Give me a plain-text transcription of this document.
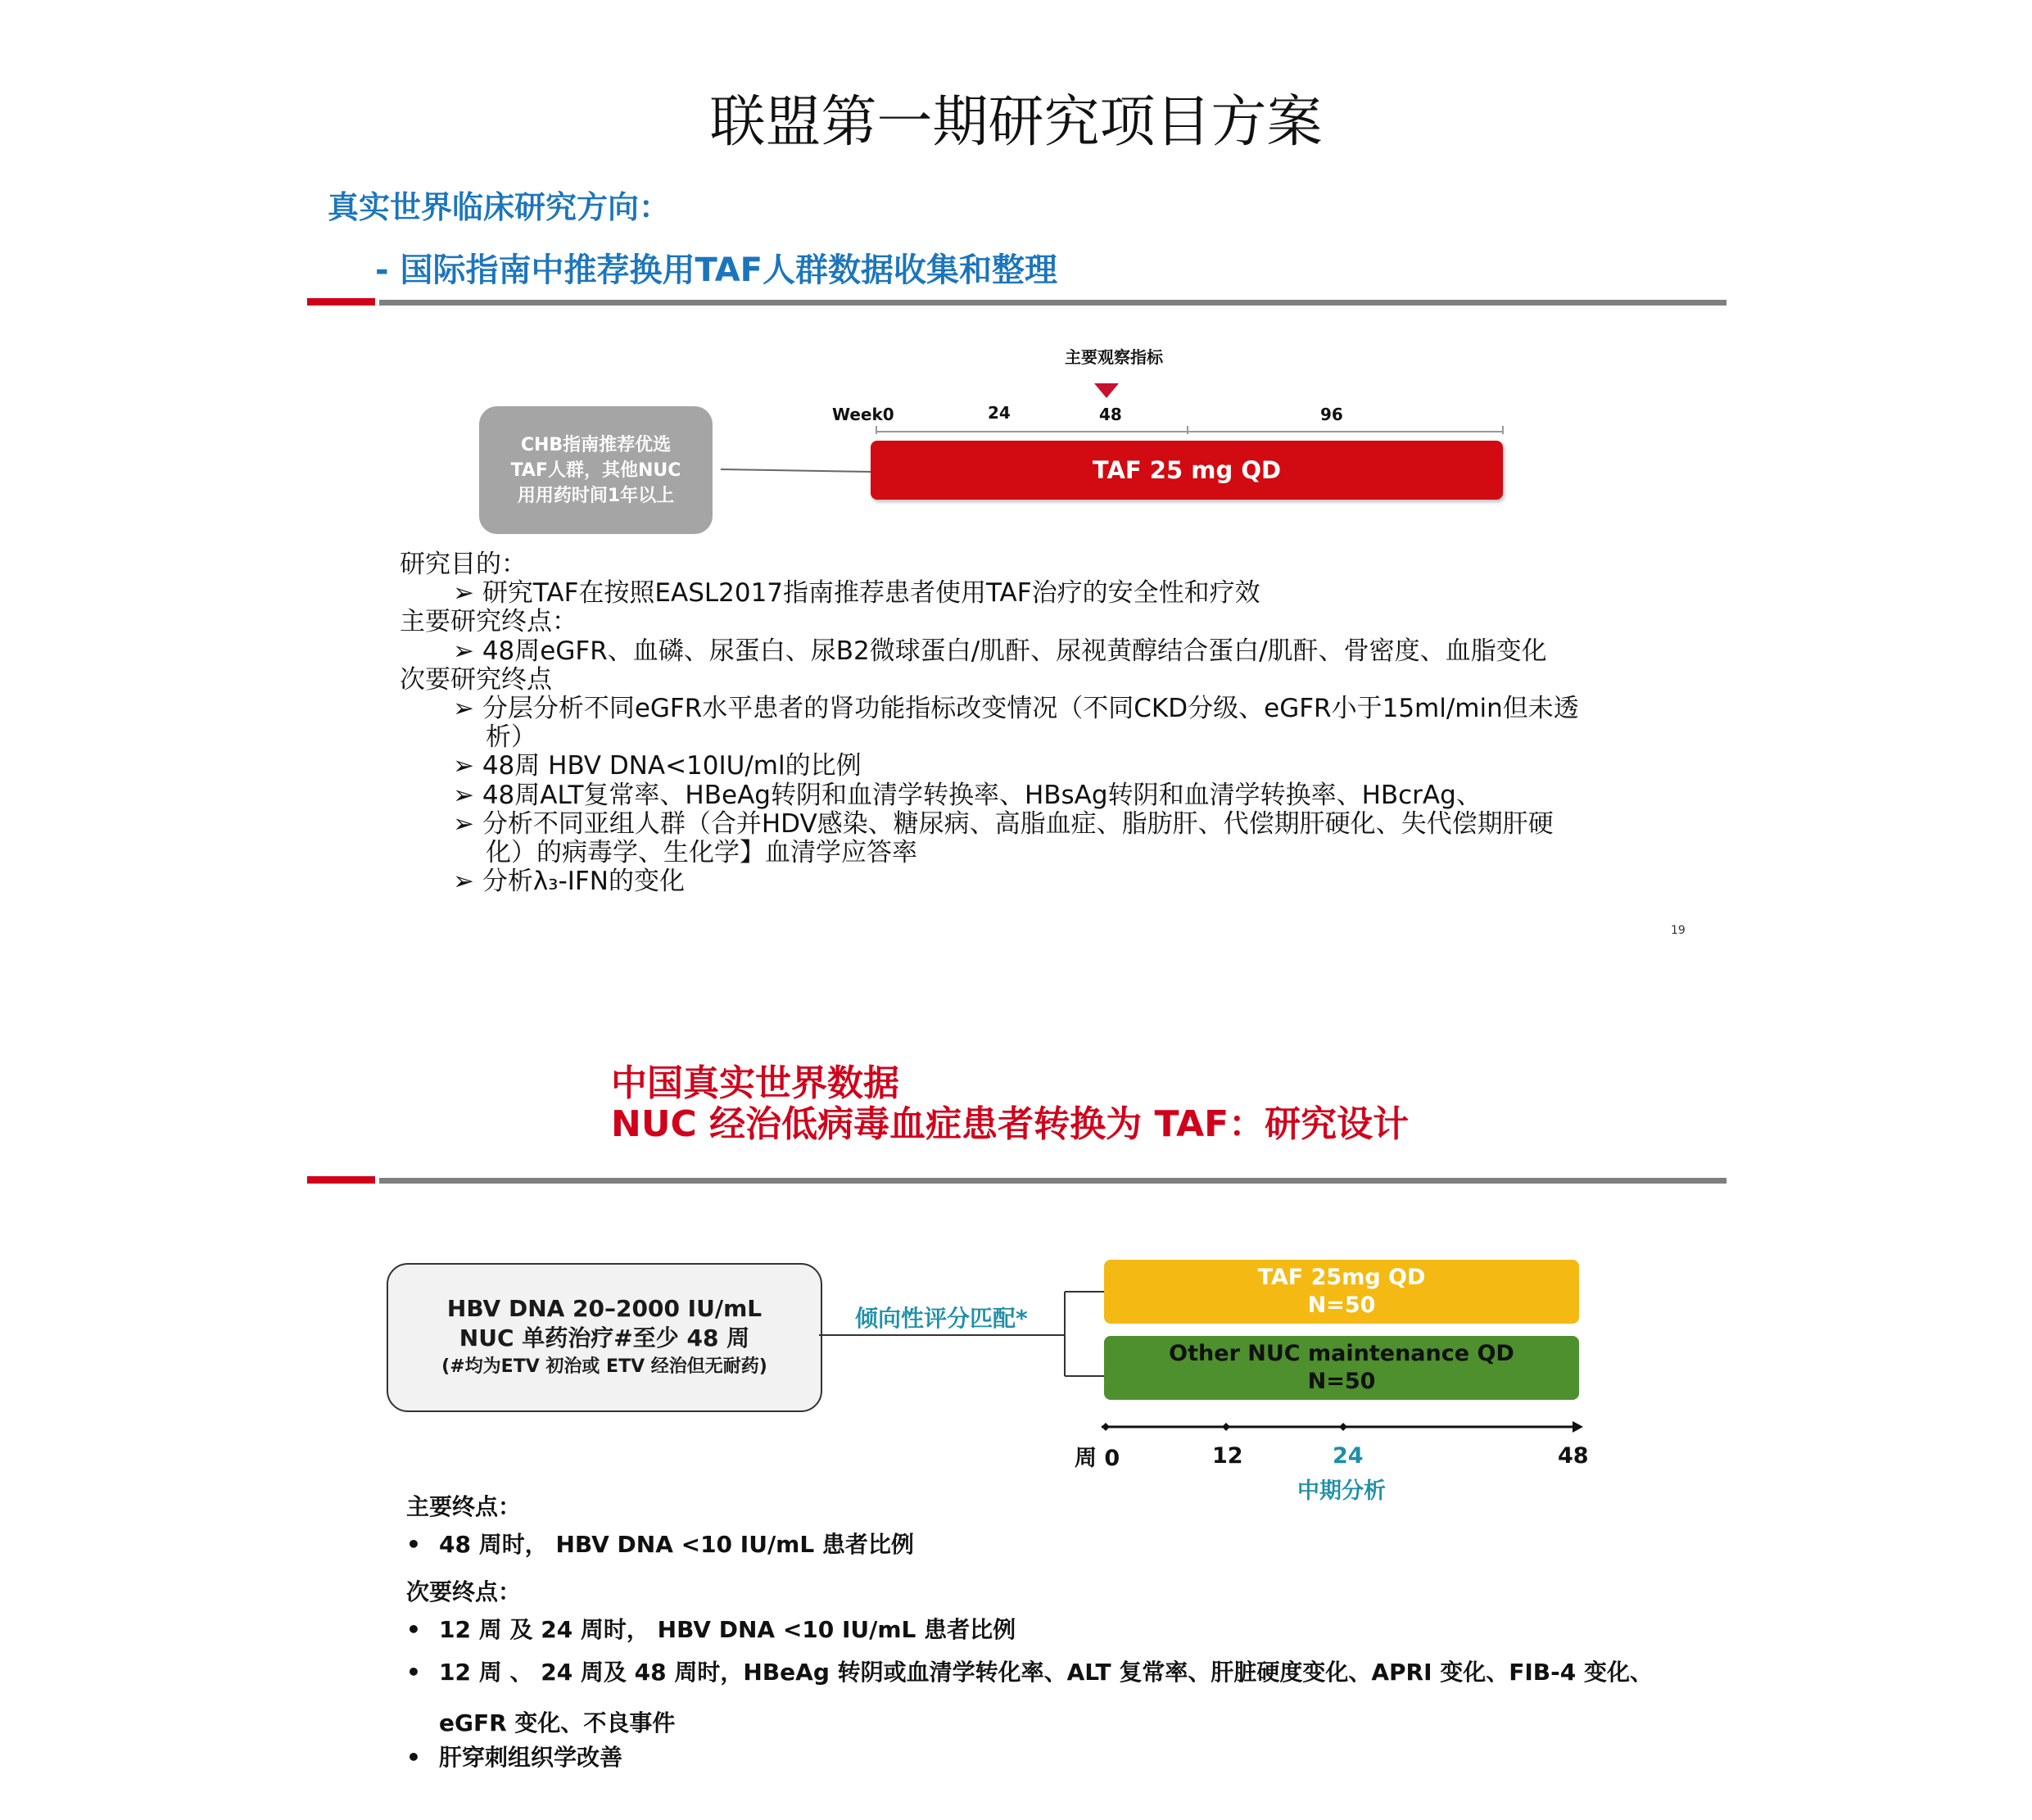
联盟第一期研究项目方案
真实世界临床研究方向：
- 国际指南中推荐换用TAF人群数据收集和整理
主要观察指标
Week0	24	48	96
CHB指南推荐优选
TAF人群，其他NUC
用用药时间1年以上
TAF 25 mg QD
研究目的：
➢ 研究TAF在按照EASL2017指南推荐患者使用TAF治疗的安全性和疗效
主要研究终点：
➢ 48周eGFR、血磷、尿蛋白、尿B2微球蛋白/肌酐、尿视黄醇结合蛋白/肌酐、骨密度、血脂变化
次要研究终点
➢ 分层分析不同eGFR水平患者的肾功能指标改变情况（不同CKD分级、eGFR小于15ml/min但未透
析）
➢ 48周 HBV DNA<10IU/ml的比例
➢ 48周ALT复常率、HBeAg转阴和血清学转换率、HBsAg转阴和血清学转换率、HBcrAg、
➢ 分析不同亚组人群（合并HDV感染、糖尿病、高脂血症、脂肪肝、代偿期肝硬化、失代偿期肝硬
化）的病毒学、生化学】血清学应答率
➢ 分析λ₃-IFN的变化
19
中国真实世界数据
NUC 经治低病毒血症患者转换为 TAF：研究设计
HBV DNA 20–2000 IU/mL
NUC 单药治疗#至少 48 周
(#均为ETV 初治或 ETV 经治但无耐药)
倾向性评分匹配*
TAF 25mg QD
N=50
Other NUC maintenance QD
N=50
周 0	12	24	48
中期分析
主要终点：
• 48 周时， HBV DNA <10 IU/mL 患者比例
次要终点：
• 12 周 及 24 周时， HBV DNA <10 IU/mL 患者比例
• 12 周 、 24 周及 48 周时，HBeAg 转阴或血清学转化率、ALT 复常率、肝脏硬度变化、APRI 变化、FIB-4 变化、
eGFR 变化、不良事件
• 肝穿刺组织学改善
